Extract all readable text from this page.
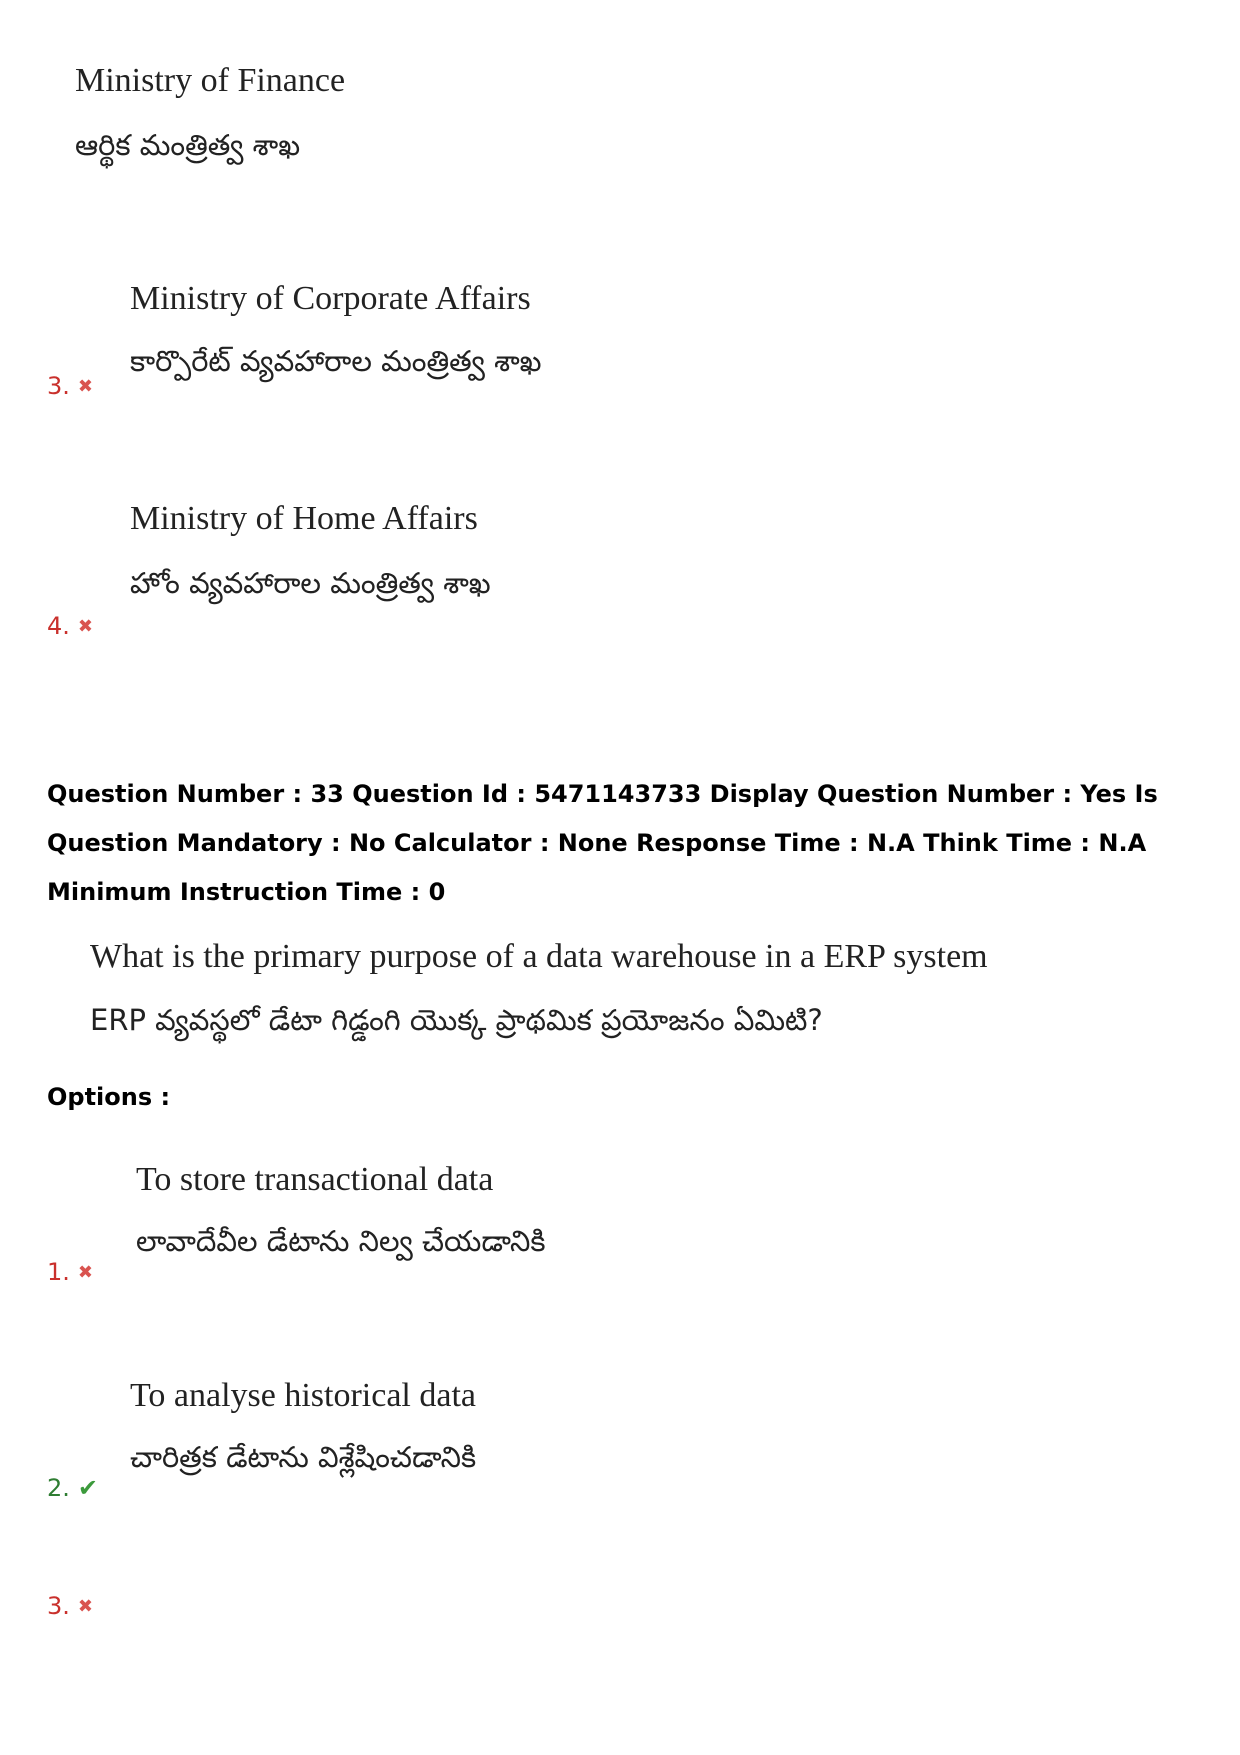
Ministry of Finance
ఆర్థిక మంత్రిత్వ శాఖ
Ministry of Corporate Affairs
కార్పొరేట్ వ్యవహారాల మంత్రిత్వ శాఖ
3. ✖
Ministry of Home Affairs
హోం వ్యవహారాల మంత్రిత్వ శాఖ
4. ✖
Question Number : 33 Question Id : 5471143733 Display Question Number : Yes Is Question Mandatory : No Calculator : None Response Time : N.A Think Time : N.A Minimum Instruction Time : 0
What is the primary purpose of a data warehouse in a ERP system
ERP వ్యవస్థలో డేటా గిడ్డంగి యొక్క ప్రాథమిక ప్రయోజనం ఏమిటి?
Options :
To store transactional data
లావాదేవీల డేటాను నిల్వ చేయడానికి
1. ✖
To analyse historical data
చారిత్రక డేటాను విశ్లేషించడానికి
2. ✔
3. ✖
